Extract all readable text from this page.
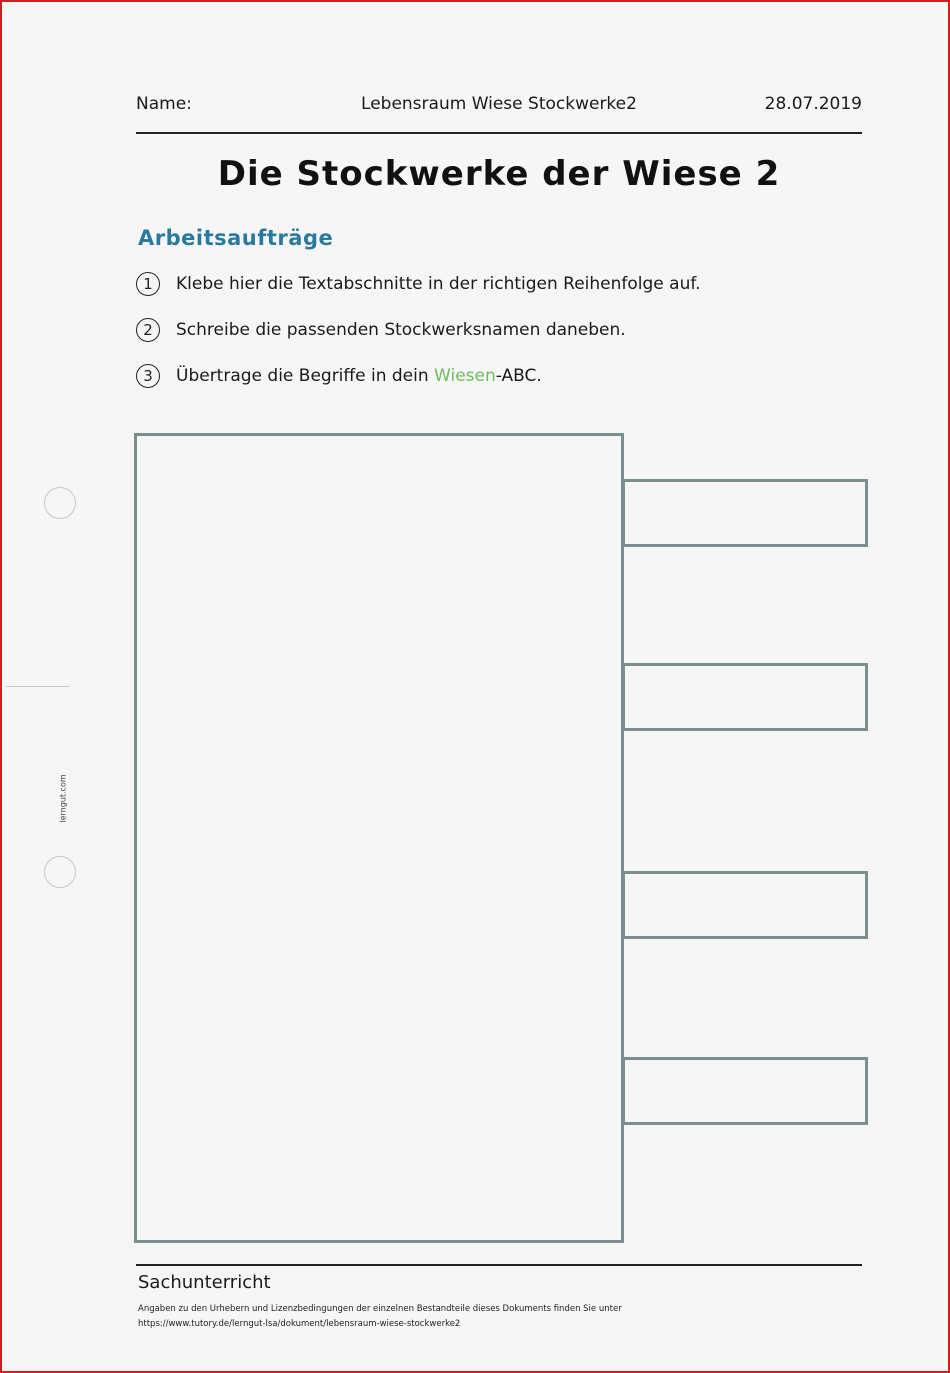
Name:	Lebensraum Wiese Stockwerke2	28.07.2019
Die Stockwerke der Wiese 2
Arbeitsaufträge
1	Klebe hier die Textabschnitte in der richtigen Reihenfolge auf.
2	Schreibe die passenden Stockwerksnamen daneben.
3	Übertrage die Begriffe in dein Wiesen-ABC.
lerngut.com
Sachunterricht
Angaben zu den Urhebern und Lizenzbedingungen der einzelnen Bestandteile dieses Dokuments finden Sie unter
https://www.tutory.de/lerngut-lsa/dokument/lebensraum-wiese-stockwerke2
